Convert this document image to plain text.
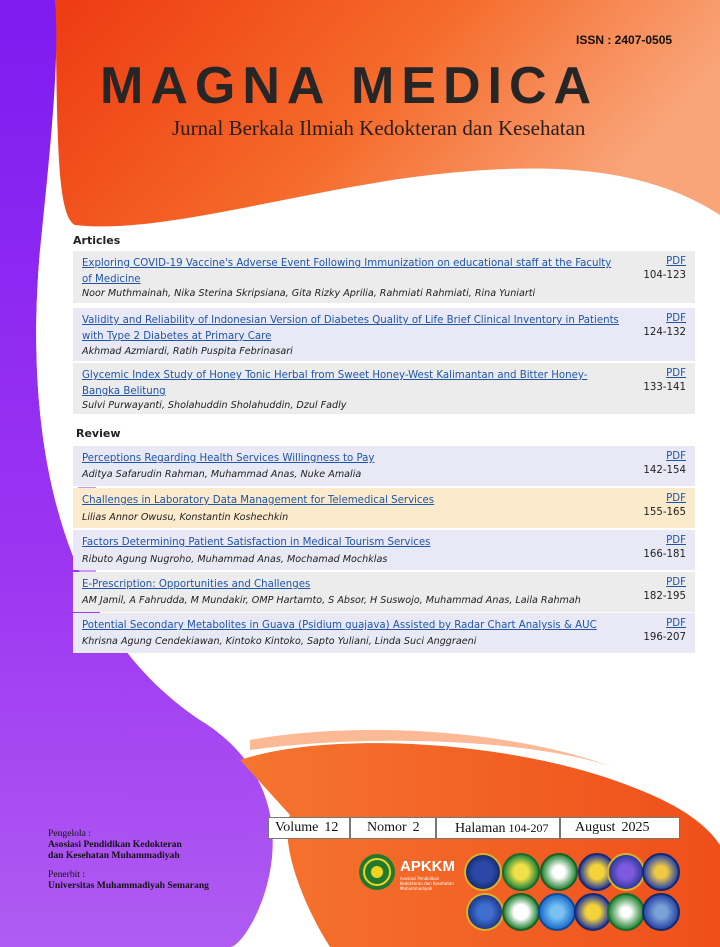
ISSN : 2407-0505
MAGNA MEDICA
Jurnal Berkala Ilmiah Kedokteran dan Kesehatan
Articles
Exploring COVID-19 Vaccine's Adverse Event Following Immunization on educational staff at the Faculty of Medicine
Noor Muthmainah, Nika Sterina Skripsiana, Gita Rizky Aprilia, Rahmiati Rahmiati, Rina Yuniarti
PDF
104-123
Validity and Reliability of Indonesian Version of Diabetes Quality of Life Brief Clinical Inventory in Patients with Type 2 Diabetes at Primary Care
Akhmad Azmiardi, Ratih Puspita Febrinasari
PDF
124-132
Glycemic Index Study of Honey Tonic Herbal from Sweet Honey-West Kalimantan and Bitter Honey-Bangka Belitung
Sulvi Purwayanti, Sholahuddin Sholahuddin, Dzul Fadly
PDF
133-141
Review
Perceptions Regarding Health Services Willingness to Pay
Aditya Safarudin Rahman, Muhammad Anas, Nuke Amalia
PDF
142-154
Challenges in Laboratory Data Management for Telemedical Services
Lilias Annor Owusu, Konstantin Koshechkin
PDF
155-165
Factors Determining Patient Satisfaction in Medical Tourism Services
Ributo Agung Nugroho, Muhammad Anas, Mochamad Mochklas
PDF
166-181
E-Prescription: Opportunities and Challenges
AM Jamil, A Fahrudda, M Mundakir, OMP Hartamto, S Absor, H Suswojo, Muhammad Anas, Laila Rahmah
PDF
182-195
Potential Secondary Metabolites in Guava (Psidium guajava) Assisted by Radar Chart Analysis & AUC
Khrisna Agung Cendekiawan, Kintoko Kintoko, Sapto Yuliani, Linda Suci Anggraeni
PDF
196-207
Volume 12	Nomor 2	Halaman 104-207	August 2025
Pengelola :
Asosiasi Pendidikan Kedokteran
dan Kesehatan Muhammadiyah
Penerbit :
Universitas Muhammadiyah Semarang
APKKM
Asosiasi Pendidikan Kedokteran dan Kesehatan Muhammadiyah
